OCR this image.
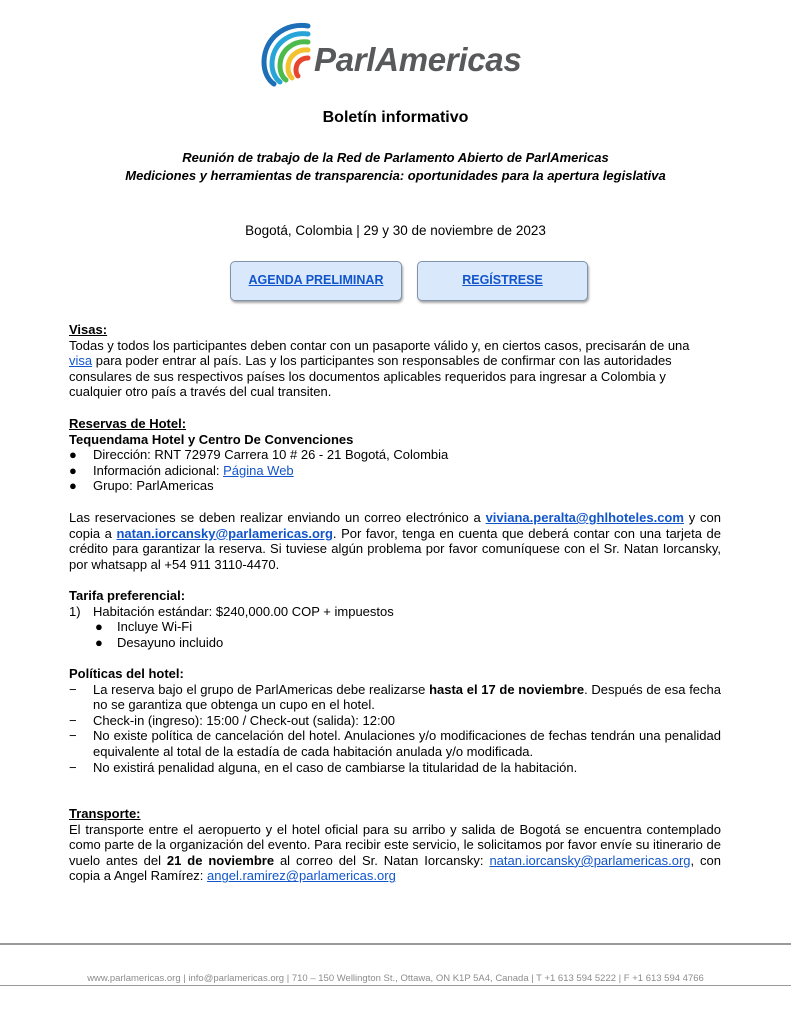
ParlAmericas
Boletín informativo
Reunión de trabajo de la Red de Parlamento Abierto de ParlAmericas
Mediciones y herramientas de transparencia: oportunidades para la apertura legislativa
Bogotá, Colombia | 29 y 30 de noviembre de 2023
AGENDA PRELIMINAR	REGÍSTRESE
Visas:
Todas y todos los participantes deben contar con un pasaporte válido y, en ciertos casos, precisarán de una
visa para poder entrar al país. Las y los participantes son responsables de confirmar con las autoridades consulares de sus respectivos países los documentos aplicables requeridos para ingresar a Colombia y cualquier otro país a través del cual transiten.
Reservas de Hotel:
Tequendama Hotel y Centro De Convenciones
● Dirección: RNT 72979 Carrera 10 # 26 - 21 Bogotá, Colombia
● Información adicional: Página Web
● Grupo: ParlAmericas
Las reservaciones se deben realizar enviando un correo electrónico a viviana.peralta@ghlhoteles.com y con copia a natan.iorcansky@parlamericas.org. Por favor, tenga en cuenta que deberá contar con una tarjeta de crédito para garantizar la reserva. Si tuviese algún problema por favor comuníquese con el Sr. Natan Iorcansky, por whatsapp al +54 911 3110-4470.
Tarifa preferencial:
1) Habitación estándar: $240,000.00 COP + impuestos
● Incluye Wi-Fi
● Desayuno incluido
Políticas del hotel:
− La reserva bajo el grupo de ParlAmericas debe realizarse hasta el 17 de noviembre. Después de esa fecha no se garantiza que obtenga un cupo en el hotel.
− Check-in (ingreso): 15:00 / Check-out (salida): 12:00
− No existe política de cancelación del hotel. Anulaciones y/o modificaciones de fechas tendrán una penalidad equivalente al total de la estadía de cada habitación anulada y/o modificada.
− No existirá penalidad alguna, en el caso de cambiarse la titularidad de la habitación.
Transporte:
El transporte entre el aeropuerto y el hotel oficial para su arribo y salida de Bogotá se encuentra contemplado como parte de la organización del evento. Para recibir este servicio, le solicitamos por favor envíe su itinerario de vuelo antes del 21 de noviembre al correo del Sr. Natan Iorcansky: natan.iorcansky@parlamericas.org, con copia a Angel Ramírez: angel.ramirez@parlamericas.org
www.parlamericas.org | info@parlamericas.org | 710 – 150 Wellington St., Ottawa, ON K1P 5A4, Canada | T +1 613 594 5222 | F +1 613 594 4766
